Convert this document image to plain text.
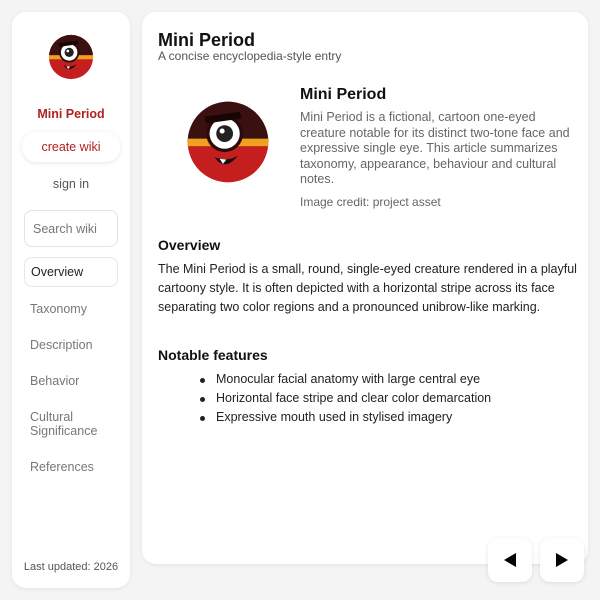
Mini Period
create wiki
sign in
Search wiki
Overview
Taxonomy
Description
Behavior
Cultural Significance
References
Last updated: 2026
Mini Period
A concise encyclopedia-style entry
Mini Period
Mini Period is a fictional, cartoon one-eyed creature notable for its distinct two-tone face and expressive single eye. This article summarizes taxonomy, appearance, behaviour and cultural notes.
Image credit: project asset
Overview
The Mini Period is a small, round, single-eyed creature rendered in a playful cartoony style. It is often depicted with a horizontal stripe across its face separating two color regions and a pronounced unibrow-like marking.
Notable features
Monocular facial anatomy with large central eye
Horizontal face stripe and clear color demarcation
Expressive mouth used in stylised imagery
